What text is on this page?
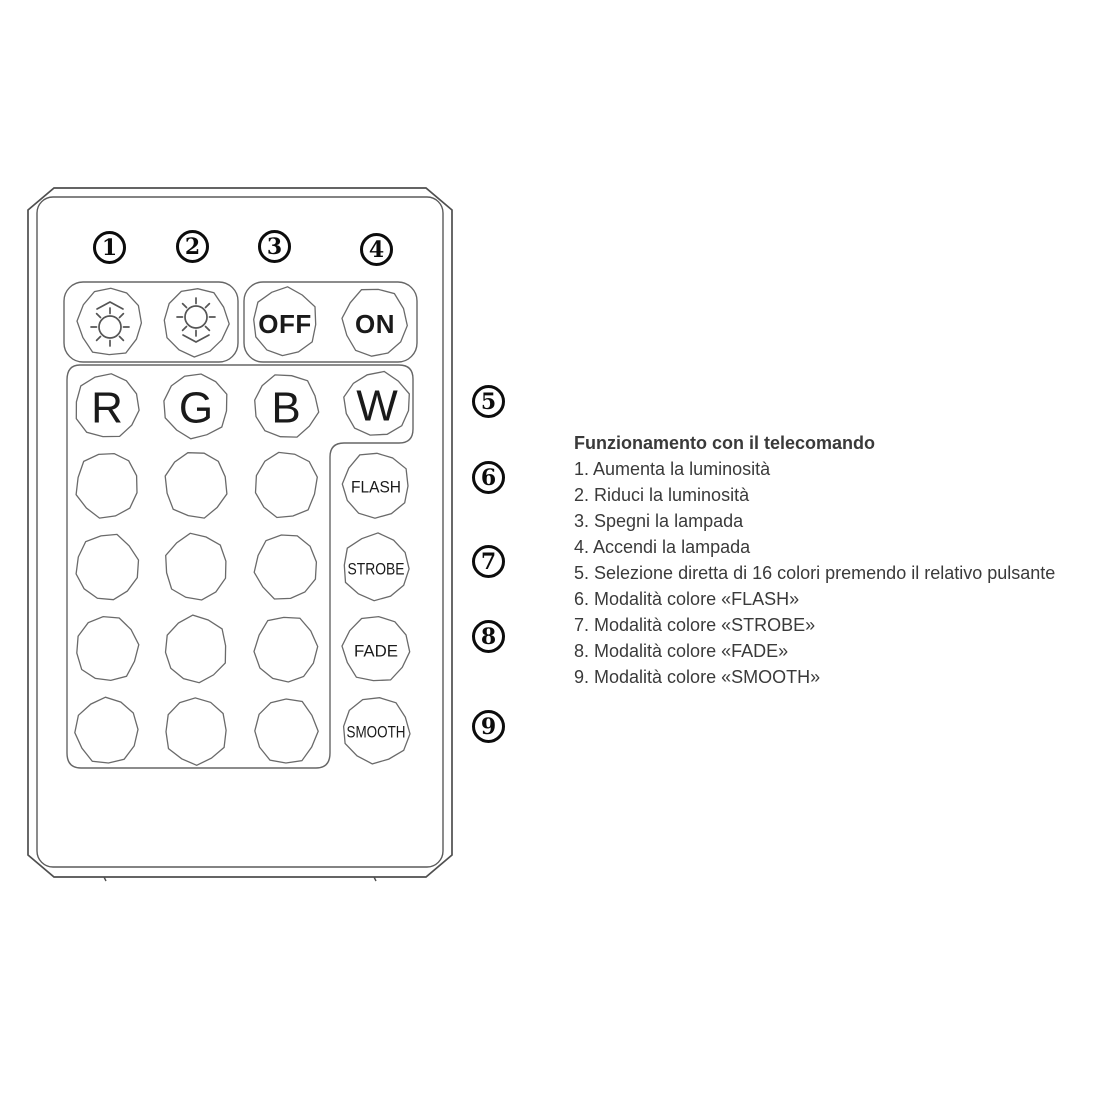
OFF ON
R G B W
FLASH
STROBE
FADE
SMOOTH
1	2	3	4
5
6
7
8
9
Funzionamento con il telecomando
1. Aumenta la luminosità
2. Riduci la luminosità
3. Spegni la lampada
4. Accendi la lampada
5. Selezione diretta di 16 colori premendo il relativo pulsante
6. Modalità colore «FLASH»
7. Modalità colore «STROBE»
8. Modalità colore «FADE»
9. Modalità colore «SMOOTH»
